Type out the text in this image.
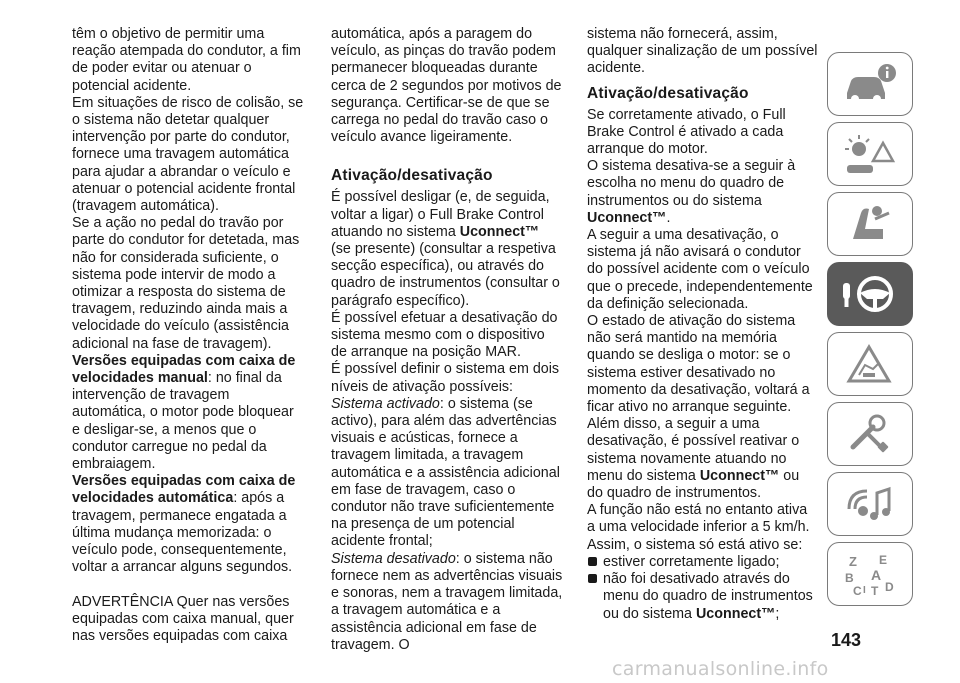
têm o objetivo de permitir uma reação atempada do condutor, a fim de poder evitar ou atenuar o potencial acidente.

Em situações de risco de colisão, se o sistema não detetar qualquer intervenção por parte do condutor, fornece uma travagem automática para ajudar a abrandar o veículo e atenuar o potencial acidente frontal (travagem automática).

Se a ação no pedal do travão por parte do condutor for detetada, mas não for considerada suficiente, o sistema pode intervir de modo a otimizar a resposta do sistema de travagem, reduzindo ainda mais a velocidade do veículo (assistência adicional na fase de travagem).

Versões equipadas com caixa de velocidades manual: no final da intervenção de travagem automática, o motor pode bloquear e desligar-se, a menos que o condutor carregue no pedal da embraiagem.

Versões equipadas com caixa de velocidades automática: após a travagem, permanece engatada a última mudança memorizada: o veículo pode, consequentemente, voltar a arrancar alguns segundos.

ADVERTÊNCIA Quer nas versões equipadas com caixa manual, quer nas versões equipadas com caixa

automática, após a paragem do veículo, as pinças do travão podem permanecer bloqueadas durante cerca de 2 segundos por motivos de segurança. Certificar-se de que se carrega no pedal do travão caso o veículo avance ligeiramente.

Ativação/desativação

É possível desligar (e, de seguida, voltar a ligar) o Full Brake Control atuando no sistema Uconnect™ (se presente) (consultar a respetiva secção específica), ou através do quadro de instrumentos (consultar o parágrafo específico).

É possível efetuar a desativação do sistema mesmo com o dispositivo de arranque na posição MAR.

É possível definir o sistema em dois níveis de ativação possíveis:

Sistema activado: o sistema (se activo), para além das advertências visuais e acústicas, fornece a travagem limitada, a travagem automática e a assistência adicional em fase de travagem, caso o condutor não trave suficientemente na presença de um potencial acidente frontal;

Sistema desativado: o sistema não fornece nem as advertências visuais e sonoras, nem a travagem limitada, a travagem automática e a assistência adicional em fase de travagem. O

sistema não fornecerá, assim, qualquer sinalização de um possível acidente.

Ativação/desativação

Se corretamente ativado, o Full Brake Control é ativado a cada arranque do motor.

O sistema desativa-se a seguir à escolha no menu do quadro de instrumentos ou do sistema Uconnect™.

A seguir a uma desativação, o sistema já não avisará o condutor do possível acidente com o veículo que o precede, independentemente da definição selecionada.

O estado de ativação do sistema não será mantido na memória quando se desliga o motor: se o sistema estiver desativado no momento da desativação, voltará a ficar ativo no arranque seguinte.

Além disso, a seguir a uma desativação, é possível reativar o sistema novamente atuando no menu do sistema Uconnect™ ou do quadro de instrumentos.

A função não está no entanto ativa a uma velocidade inferior a 5 km/h.

Assim, o sistema só está ativo se:

estiver corretamente ligado;
não foi desativado através do menu do quadro de instrumentos ou do sistema Uconnect™;
Z E
B A
C D
I T
143
carmanualsonline.info
